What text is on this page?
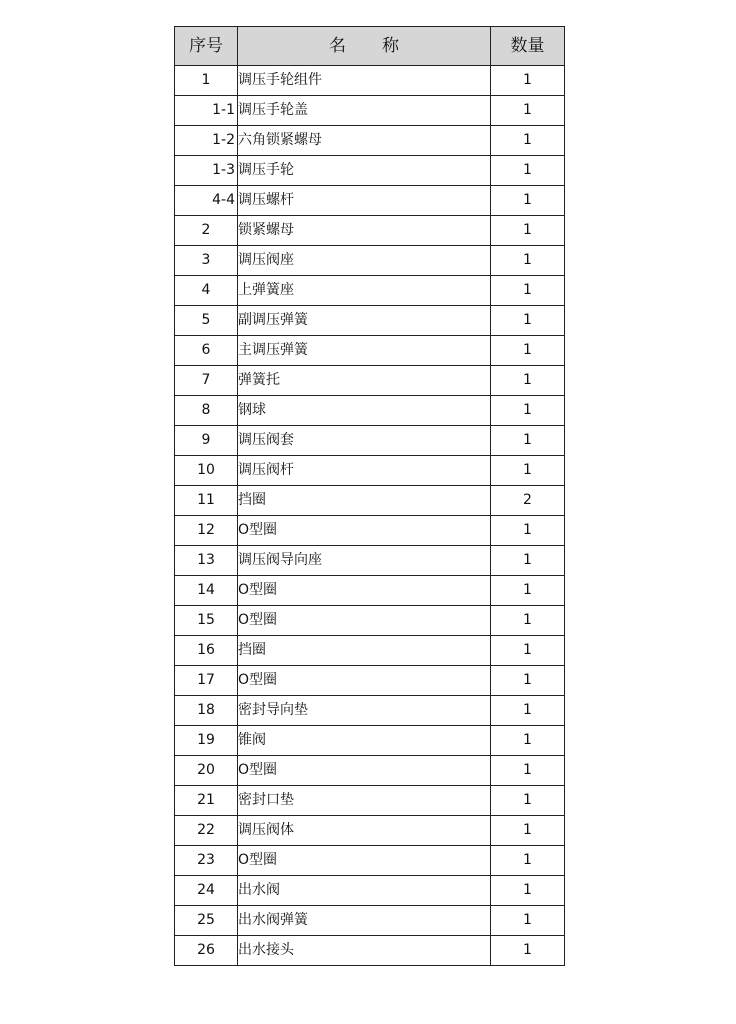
序号	名 称	数量
1	调压手轮组件	1
1-1	调压手轮盖	1
1-2	六角锁紧螺母	1
1-3	调压手轮	1
4-4	调压螺杆	1
2	锁紧螺母	1
3	调压阀座	1
4	上弹簧座	1
5	副调压弹簧	1
6	主调压弹簧	1
7	弹簧托	1
8	钢球	1
9	调压阀套	1
10	调压阀杆	1
11	挡圈	2
12	O型圈	1
13	调压阀导向座	1
14	O型圈	1
15	O型圈	1
16	挡圈	1
17	O型圈	1
18	密封导向垫	1
19	锥阀	1
20	O型圈	1
21	密封口垫	1
22	调压阀体	1
23	O型圈	1
24	出水阀	1
25	出水阀弹簧	1
26	出水接头	1
